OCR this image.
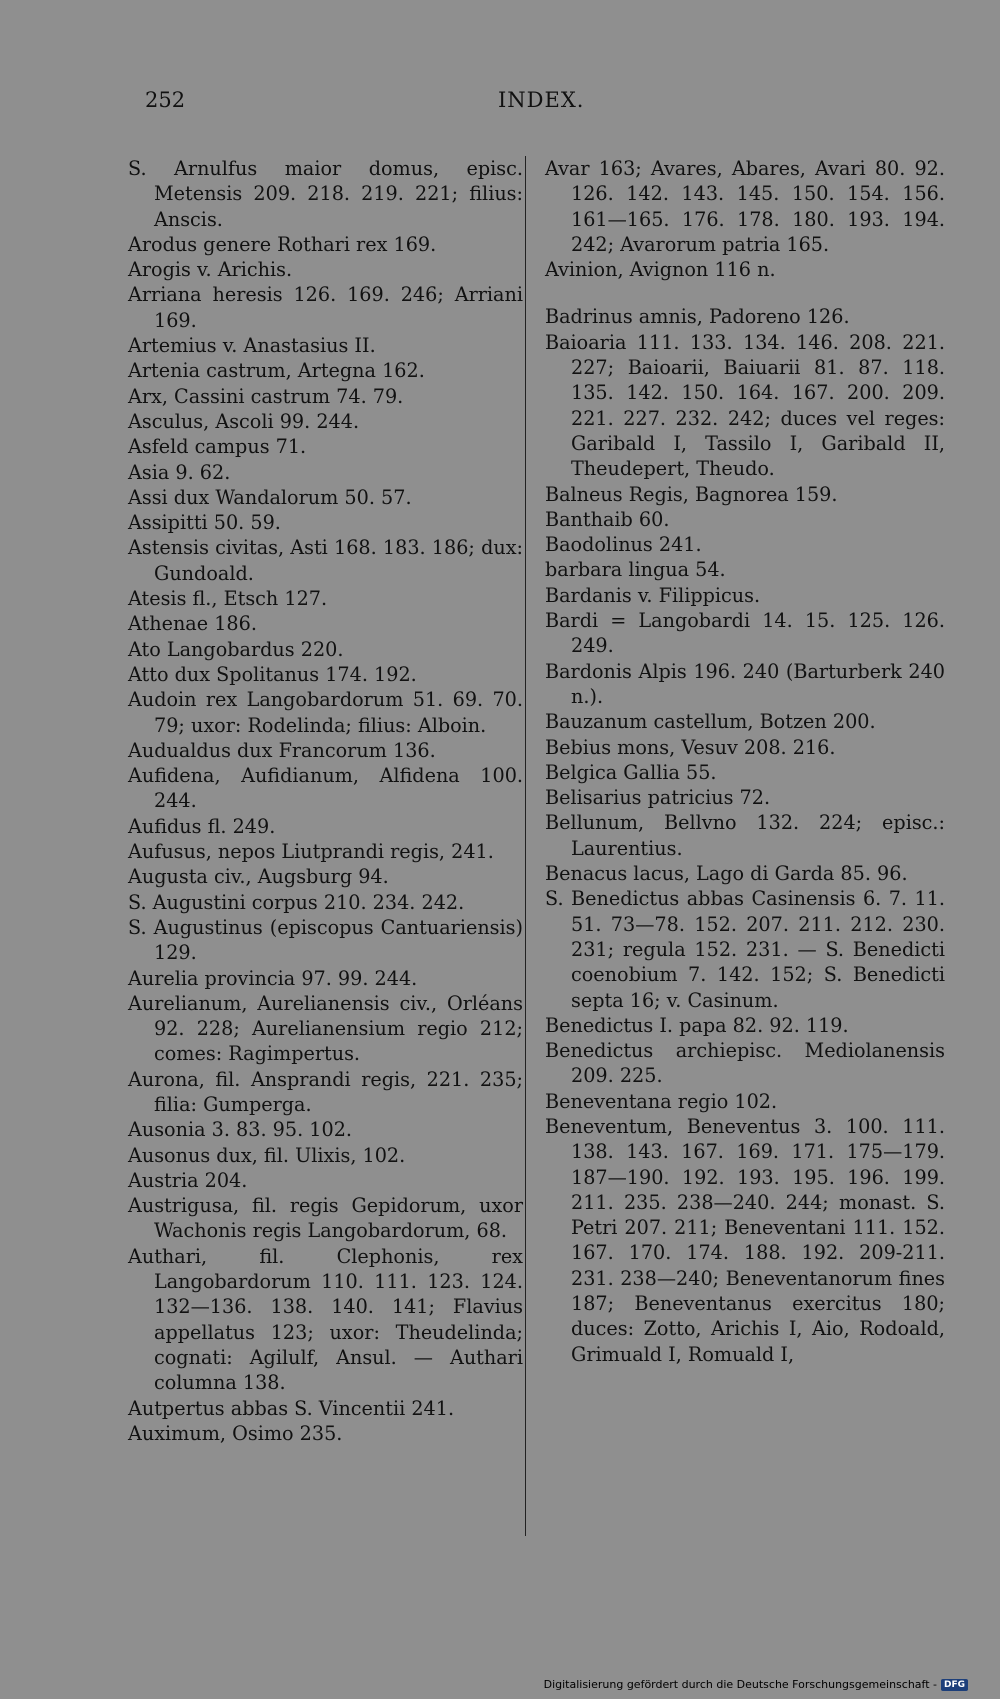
252	INDEX.

S. Arnulfus maior domus, episc. Metensis 209. 218. 219. 221; filius: Anscis.

Arodus genere Rothari rex 169.

Arogis v. Arichis.

Arriana heresis 126. 169. 246; Arriani 169.

Artemius v. Anastasius II.

Artenia castrum, Artegna 162.

Arx, Cassini castrum 74. 79.

Asculus, Ascoli 99. 244.

Asfeld campus 71.

Asia 9. 62.

Assi dux Wandalorum 50. 57.

Assipitti 50. 59.

Astensis civitas, Asti 168. 183. 186; dux: Gundoald.

Atesis fl., Etsch 127.

Athenae 186.

Ato Langobardus 220.

Atto dux Spolitanus 174. 192.

Audoin rex Langobardorum 51. 69. 70. 79; uxor: Rodelinda; filius: Alboin.

Audualdus dux Francorum 136.

Aufidena, Aufidianum, Alfidena 100. 244.

Aufidus fl. 249.

Aufusus, nepos Liutprandi regis, 241.

Augusta civ., Augsburg 94.

S. Augustini corpus 210. 234. 242.

S. Augustinus (episcopus Cantuariensis) 129.

Aurelia provincia 97. 99. 244.

Aurelianum, Aurelianensis civ., Orléans 92. 228; Aurelianensium regio 212; comes: Ragimpertus.

Aurona, fil. Ansprandi regis, 221. 235; filia: Gumperga.

Ausonia 3. 83. 95. 102.

Ausonus dux, fil. Ulixis, 102.

Austria 204.

Austrigusa, fil. regis Gepidorum, uxor Wachonis regis Langobardorum, 68.

Authari, fil. Clephonis, rex Langobardorum 110. 111. 123. 124. 132—136. 138. 140. 141; Flavius appellatus 123; uxor: Theudelinda; cognati: Agilulf, Ansul. — Authari columna 138.

Autpertus abbas S. Vincentii 241.

Auximum, Osimo 235.

Avar 163; Avares, Abares, Avari 80. 92. 126. 142. 143. 145. 150. 154. 156. 161—165. 176. 178. 180. 193. 194. 242; Avarorum patria 165.

Avinion, Avignon 116 n.

Badrinus amnis, Padoreno 126.

Baioaria 111. 133. 134. 146. 208. 221. 227; Baioarii, Baiuarii 81. 87. 118. 135. 142. 150. 164. 167. 200. 209. 221. 227. 232. 242; duces vel reges: Garibald I, Tassilo I, Garibald II, Theudepert, Theudo.

Balneus Regis, Bagnorea 159.

Banthaib 60.

Baodolinus 241.

barbara lingua 54.

Bardanis v. Filippicus.

Bardi = Langobardi 14. 15. 125. 126. 249.

Bardonis Alpis 196. 240 (Barturberk 240 n.).

Bauzanum castellum, Botzen 200.

Bebius mons, Vesuv 208. 216.

Belgica Gallia 55.

Belisarius patricius 72.

Bellunum, Bellvno 132. 224; episc.: Laurentius.

Benacus lacus, Lago di Garda 85. 96.

S. Benedictus abbas Casinensis 6. 7. 11. 51. 73—78. 152. 207. 211. 212. 230. 231; regula 152. 231. — S. Benedicti coenobium 7. 142. 152; S. Benedicti septa 16; v. Casinum.

Benedictus I. papa 82. 92. 119.

Benedictus archiepisc. Mediolanensis 209. 225.

Beneventana regio 102.

Beneventum, Beneventus 3. 100. 111. 138. 143. 167. 169. 171. 175—179. 187—190. 192. 193. 195. 196. 199. 211. 235. 238—240. 244; monast. S. Petri 207. 211; Beneventani 111. 152. 167. 170. 174. 188. 192. 209-211. 231. 238—240; Beneventanorum fines 187; Beneventanus exercitus 180; duces: Zotto, Arichis I, Aio, Rodoald, Grimuald I, Romuald I,

Digitalisierung gefördert durch die Deutsche Forschungsgemeinschaft - DFG
